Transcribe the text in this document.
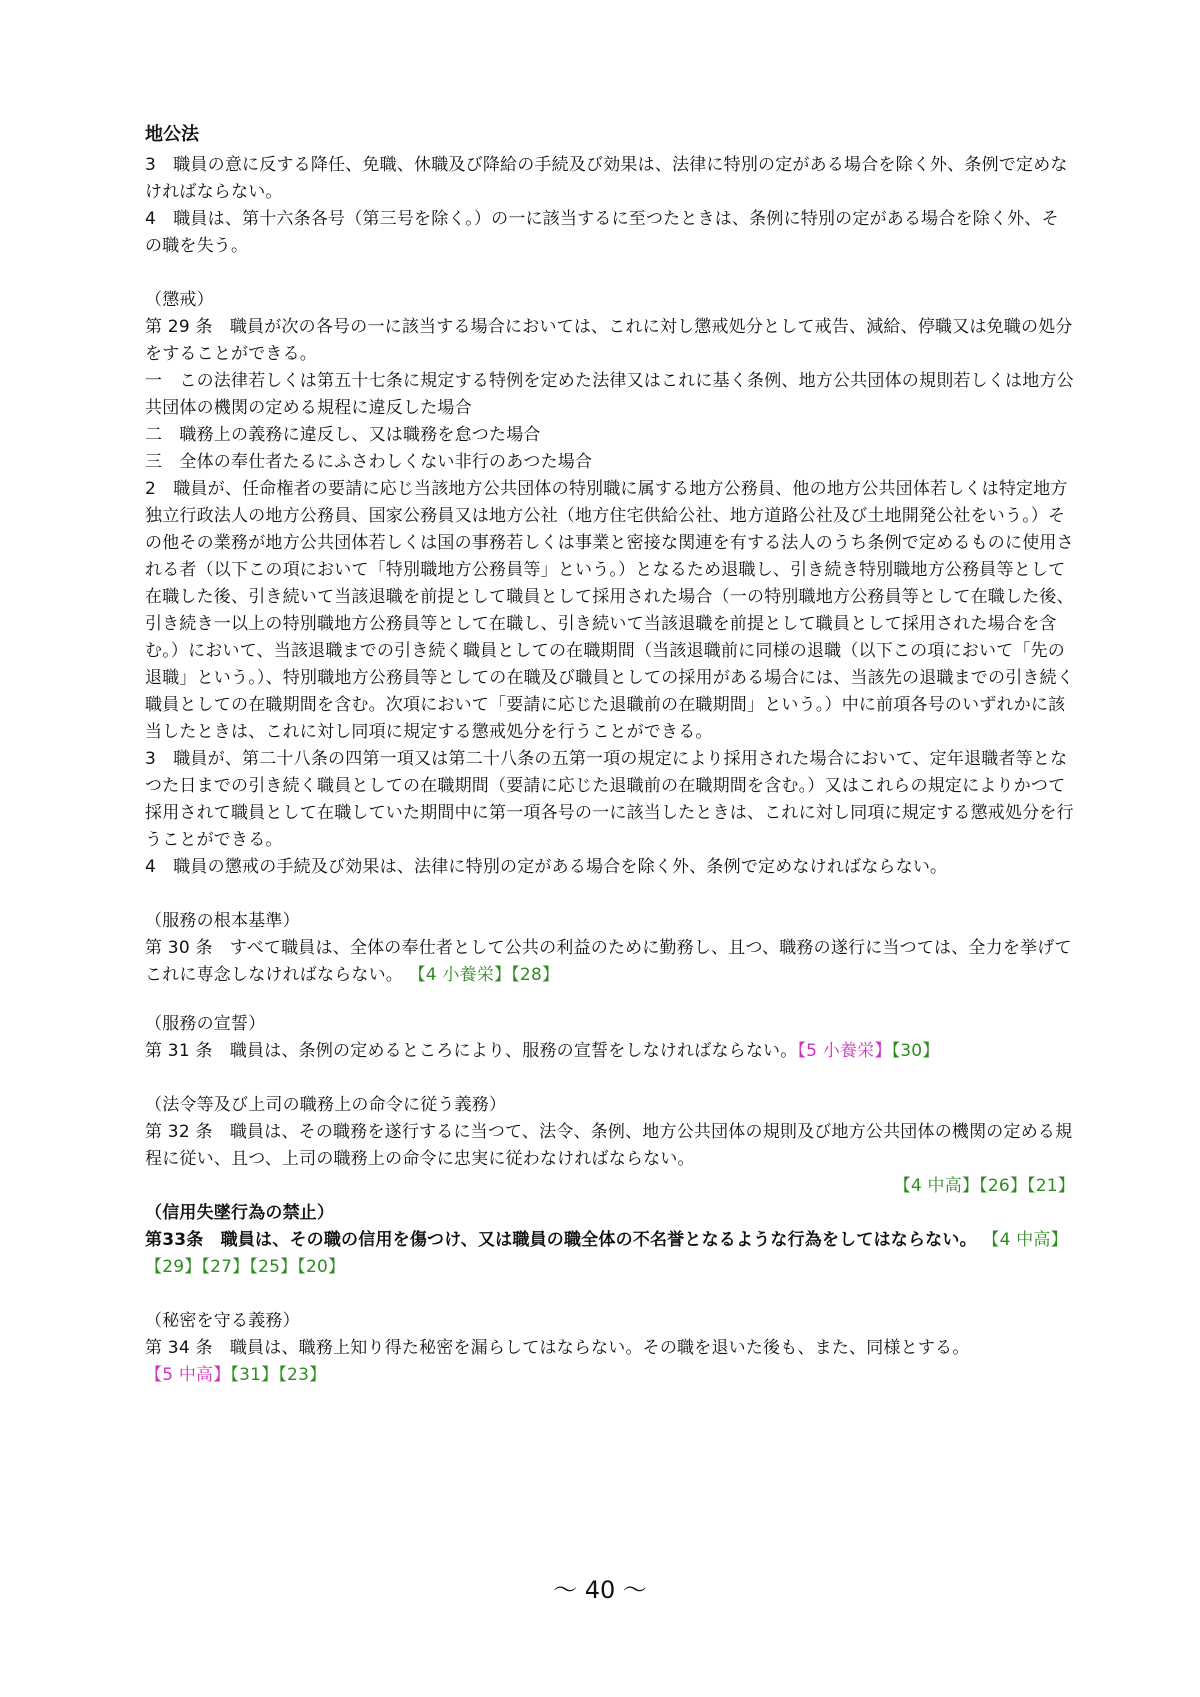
地公法

3　職員の意に反する降任、免職、休職及び降給の手続及び効果は、法律に特別の定がある場合を除く外、条例で定めなければならない。

4　職員は、第十六条各号（第三号を除く。）の一に該当するに至つたときは、条例に特別の定がある場合を除く外、その職を失う。

（懲戒）

第 29 条　職員が次の各号の一に該当する場合においては、これに対し懲戒処分として戒告、減給、停職又は免職の処分をすることができる。

一　この法律若しくは第五十七条に規定する特例を定めた法律又はこれに基く条例、地方公共団体の規則若しくは地方公共団体の機関の定める規程に違反した場合

二　職務上の義務に違反し、又は職務を怠つた場合

三　全体の奉仕者たるにふさわしくない非行のあつた場合

2　職員が、任命権者の要請に応じ当該地方公共団体の特別職に属する地方公務員、他の地方公共団体若しくは特定地方独立行政法人の地方公務員、国家公務員又は地方公社（地方住宅供給公社、地方道路公社及び土地開発公社をいう。）その他その業務が地方公共団体若しくは国の事務若しくは事業と密接な関連を有する法人のうち条例で定めるものに使用される者（以下この項において「特別職地方公務員等」という。）となるため退職し、引き続き特別職地方公務員等として在職した後、引き続いて当該退職を前提として職員として採用された場合（一の特別職地方公務員等として在職した後、引き続き一以上の特別職地方公務員等として在職し、引き続いて当該退職を前提として職員として採用された場合を含む。）において、当該退職までの引き続く職員としての在職期間（当該退職前に同様の退職（以下この項において「先の退職」という。）、特別職地方公務員等としての在職及び職員としての採用がある場合には、当該先の退職までの引き続く職員としての在職期間を含む。次項において「要請に応じた退職前の在職期間」という。）中に前項各号のいずれかに該当したときは、これに対し同項に規定する懲戒処分を行うことができる。

3　職員が、第二十八条の四第一項又は第二十八条の五第一項の規定により採用された場合において、定年退職者等となつた日までの引き続く職員としての在職期間（要請に応じた退職前の在職期間を含む。）又はこれらの規定によりかつて採用されて職員として在職していた期間中に第一項各号の一に該当したときは、これに対し同項に規定する懲戒処分を行うことができる。

4　職員の懲戒の手続及び効果は、法律に特別の定がある場合を除く外、条例で定めなければならない。

（服務の根本基準）

第 30 条　すべて職員は、全体の奉仕者として公共の利益のために勤務し、且つ、職務の遂行に当つては、全力を挙げてこれに専念しなければならない。 【4 小養栄】【28】

（服務の宣誓）

第 31 条　職員は、条例の定めるところにより、服務の宣誓をしなければならない。【5 小養栄】【30】

（法令等及び上司の職務上の命令に従う義務）

第 32 条　職員は、その職務を遂行するに当つて、法令、条例、地方公共団体の規則及び地方公共団体の機関の定める規程に従い、且つ、上司の職務上の命令に忠実に従わなければならない。

【4 中高】【26】【21】

（信用失墜行為の禁止）

第33条　職員は、その職の信用を傷つけ、又は職員の職全体の不名誉となるような行為をしてはならない。 【4 中高】【29】【27】【25】【20】

（秘密を守る義務）

第 34 条　職員は、職務上知り得た秘密を漏らしてはならない。その職を退いた後も、また、同様とする。

【5 中高】【31】【23】

～ 40 ～
